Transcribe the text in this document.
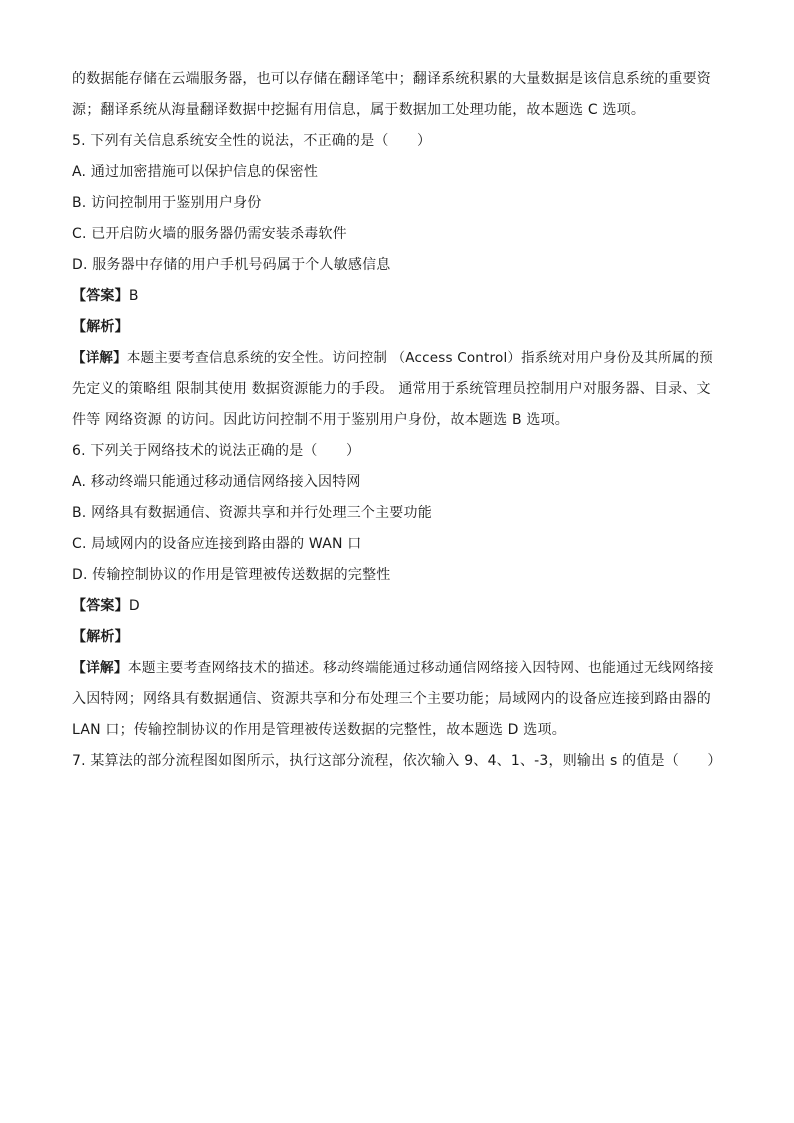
的数据能存储在云端服务器，也可以存储在翻译笔中；翻译系统积累的大量数据是该信息系统的重要资
源；翻译系统从海量翻译数据中挖掘有用信息，属于数据加工处理功能，故本题选 C 选项。
5. 下列有关信息系统安全性的说法，不正确的是（　　）
A. 通过加密措施可以保护信息的保密性
B. 访问控制用于鉴别用户身份
C. 已开启防火墙的服务器仍需安装杀毒软件
D. 服务器中存储的用户手机号码属于个人敏感信息
【答案】B
【解析】
【详解】本题主要考查信息系统的安全性。访问控制 （Access Control）指系统对用户身份及其所属的预
先定义的策略组 限制其使用 数据资源能力的手段。 通常用于系统管理员控制用户对服务器、目录、文
件等 网络资源 的访问。因此访问控制不用于鉴别用户身份，故本题选 B 选项。
6. 下列关于网络技术的说法正确的是（　　）
A. 移动终端只能通过移动通信网络接入因特网
B. 网络具有数据通信、资源共享和并行处理三个主要功能
C. 局域网内的设备应连接到路由器的 WAN 口
D. 传输控制协议的作用是管理被传送数据的完整性
【答案】D
【解析】
【详解】本题主要考查网络技术的描述。移动终端能通过移动通信网络接入因特网、也能通过无线网络接
入因特网；网络具有数据通信、资源共享和分布处理三个主要功能；局域网内的设备应连接到路由器的
LAN 口；传输控制协议的作用是管理被传送数据的完整性，故本题选 D 选项。
7. 某算法的部分流程图如图所示，执行这部分流程，依次输入 9、4、1、-3，则输出 s 的值是（　　）
